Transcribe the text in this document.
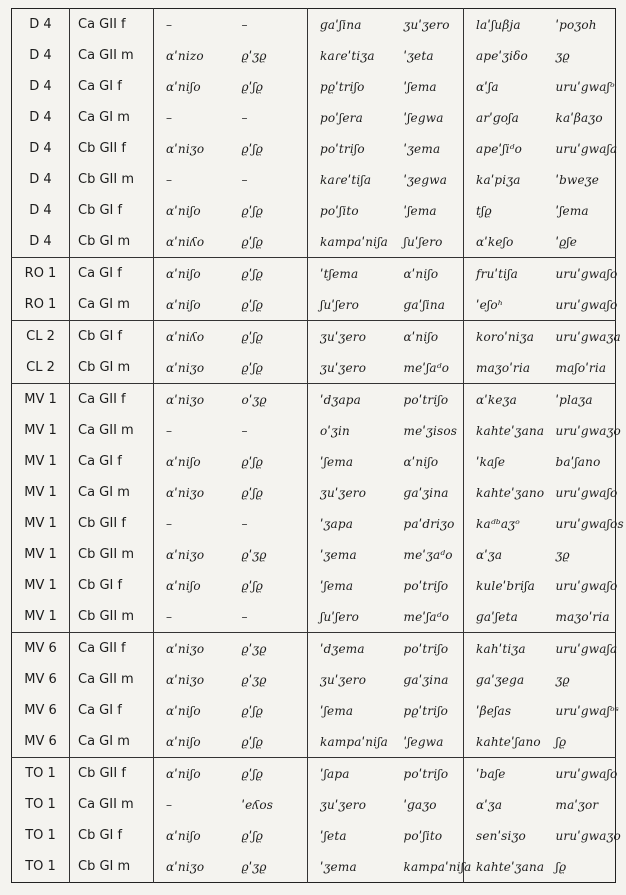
D 4	Ca GII f	–	–	ɡaˈʃina	ʒuˈʒero	laˈʃuβja	ˈpoʒoh
D 4	Ca GII m	αˈnizo	ϱˈʒϱ	kaɾeˈtiʒa	ˈʒeta	apeˈʒiδo	ʒϱ
D 4	Ca GI f	αˈniʃo	ϱˈʃϱ	pϱˈtriʃo	ˈʃema	αˈʃa	uruˈgwaʃᵒ
D 4	Ca GI m	–	–	poˈʃera	ˈʃegwa	arˈɡoʃa	kaˈβaʒo
D 4	Cb GII f	αˈniʒo	ϱˈʃϱ	poˈtriʃo	ˈʒema	apeˈʃiᵈo	uruˈgwaʃa
D 4	Cb GII m	–	–	kaɾeˈtiʃa	ˈʒegwa	kaˈpiʒa	ˈbweʒe
D 4	Cb GI f	αˈniʃo	ϱˈʃϱ	poˈʃito	ˈʃema	tʃϱ	ˈʃema
D 4	Cb GI m	αˈniʎo	ϱˈʃϱ	kampaˈniʃa	ʃuˈʃero	αˈkeʃo	ˈϱʃe
RO 1	Ca GI f	αˈniʃo	ϱˈʃϱ	ˈtʃema	αˈniʃo	fruˈtiʃa	uruˈgwaʃo
RO 1	Ca GI m	αˈniʃo	ϱˈʃϱ	ʃuˈʃero	ɡaˈʃina	ˈeʃoʰ	uruˈgwaʃo
CL 2	Cb GI f	αˈniʎo	ϱˈʃϱ	ʒuˈʒero	αˈniʃo	koroˈniʒa	uruˈgwaʒa
CL 2	Cb GI m	αˈniʒo	ϱˈʃϱ	ʒuˈʒero	meˈʃaᵈo	maʒoˈria	maʃoˈria
MV 1	Ca GII f	αˈniʒo	oˈʒϱ	ˈdʒapa	poˈtriʃo	αˈkeʒa	ˈplaʒa
MV 1	Ca GII m	–	–	oˈʒin	meˈʒisos	kahteˈʒana	uruˈgwaʒo
MV 1	Ca GI f	αˈniʃo	ϱˈʃϱ	ˈʃema	αˈniʃo	ˈkaʃe	baˈʃano
MV 1	Ca GI m	αˈniʒo	ϱˈʃϱ	ʒuˈʒero	ɡaˈʒina	kahteˈʒano	uruˈgwaʃo
MV 1	Cb GII f	–	–	ˈʒapa	paˈdriʒo	kaᵈᵇaʒᵒ	uruˈgwaʃos
MV 1	Cb GII m	αˈniʒo	ϱˈʒϱ	ˈʒema	meˈʒaᵈo	αˈʒa	ʒϱ
MV 1	Cb GI f	αˈniʃo	ϱˈʃϱ	ˈʃema	poˈtriʃo	kuleˈbriʃa	uruˈgwaʃo
MV 1	Cb GII m	–	–	ʃuˈʃero	meˈʃaᵈo	ɡaˈʃeta	maʒoˈria
MV 6	Ca GII f	αˈniʒo	ϱˈʒϱ	ˈdʒema	poˈtriʃo	kahˈtiʒa	uruˈgwaʃa
MV 6	Ca GII m	αˈniʒo	ϱˈʒϱ	ʒuˈʒero	ɡaˈʒina	ɡaˈʒega	ʒϱ
MV 6	Ca GI f	αˈniʃo	ϱˈʃϱ	ˈʃema	pϱˈtriʃo	ˈβeʃas	uruˈgwaʃᵒˢ
MV 6	Ca GI m	αˈniʃo	ϱˈʃϱ	kampaˈniʃa	ˈʃegwa	kahteˈʃano	ʃϱ
TO 1	Cb GII f	αˈniʃo	ϱˈʃϱ	ˈʃapa	poˈtriʃo	ˈbaʃe	uruˈgwaʃo
TO 1	Ca GII m	–	ˈeʎos	ʒuˈʒero	ˈɡaʒo	αˈʒa	maˈʒor
TO 1	Cb GI f	αˈniʃo	ϱˈʃϱ	ˈʃeta	poˈʃito	senˈsiʒo	uruˈgwaʒo
TO 1	Cb GI m	αˈniʒo	ϱˈʒϱ	ˈʒema	kampaˈniʃa	kahteˈʒana	ʃϱ
